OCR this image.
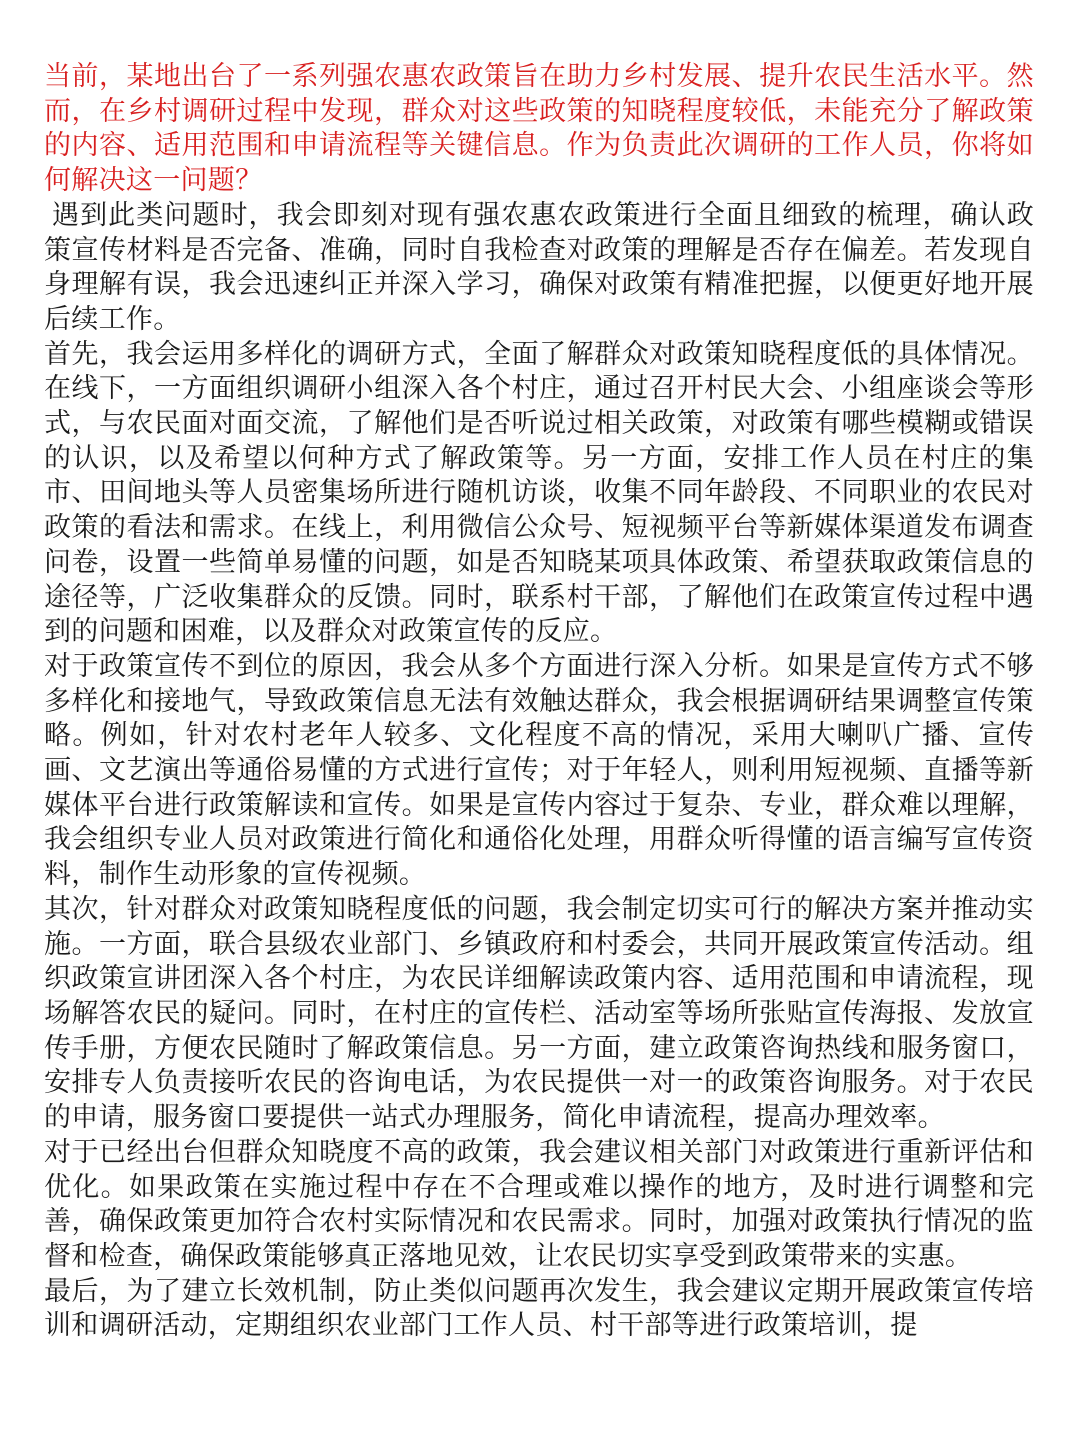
当前，某地出台了一系列强农惠农政策旨在助力乡村发展、提升农民生活水平。然而，在乡村调研过程中发现，群众对这些政策的知晓程度较低，未能充分了解政策的内容、适用范围和申请流程等关键信息。作为负责此次调研的工作人员，你将如何解决这一问题？

遇到此类问题时，我会即刻对现有强农惠农政策进行全面且细致的梳理，确认政策宣传材料是否完备、准确，同时自我检查对政策的理解是否存在偏差。若发现自身理解有误，我会迅速纠正并深入学习，确保对政策有精准把握，以便更好地开展后续工作。

首先，我会运用多样化的调研方式，全面了解群众对政策知晓程度低的具体情况。在线下，一方面组织调研小组深入各个村庄，通过召开村民大会、小组座谈会等形式，与农民面对面交流，了解他们是否听说过相关政策，对政策有哪些模糊或错误的认识，以及希望以何种方式了解政策等。另一方面，安排工作人员在村庄的集市、田间地头等人员密集场所进行随机访谈，收集不同年龄段、不同职业的农民对政策的看法和需求。在线上，利用微信公众号、短视频平台等新媒体渠道发布调查问卷，设置一些简单易懂的问题，如是否知晓某项具体政策、希望获取政策信息的途径等，广泛收集群众的反馈。同时，联系村干部，了解他们在政策宣传过程中遇到的问题和困难，以及群众对政策宣传的反应。

对于政策宣传不到位的原因，我会从多个方面进行深入分析。如果是宣传方式不够多样化和接地气，导致政策信息无法有效触达群众，我会根据调研结果调整宣传策略。例如，针对农村老年人较多、文化程度不高的情况，采用大喇叭广播、宣传画、文艺演出等通俗易懂的方式进行宣传；对于年轻人，则利用短视频、直播等新媒体平台进行政策解读和宣传。如果是宣传内容过于复杂、专业，群众难以理解，我会组织专业人员对政策进行简化和通俗化处理，用群众听得懂的语言编写宣传资料，制作生动形象的宣传视频。

其次，针对群众对政策知晓程度低的问题，我会制定切实可行的解决方案并推动实施。一方面，联合县级农业部门、乡镇政府和村委会，共同开展政策宣传活动。组织政策宣讲团深入各个村庄，为农民详细解读政策内容、适用范围和申请流程，现场解答农民的疑问。同时，在村庄的宣传栏、活动室等场所张贴宣传海报、发放宣传手册，方便农民随时了解政策信息。另一方面，建立政策咨询热线和服务窗口，安排专人负责接听农民的咨询电话，为农民提供一对一的政策咨询服务。对于农民的申请，服务窗口要提供一站式办理服务，简化申请流程，提高办理效率。

对于已经出台但群众知晓度不高的政策，我会建议相关部门对政策进行重新评估和优化。如果政策在实施过程中存在不合理或难以操作的地方，及时进行调整和完善，确保政策更加符合农村实际情况和农民需求。同时，加强对政策执行情况的监督和检查，确保政策能够真正落地见效，让农民切实享受到政策带来的实惠。

最后，为了建立长效机制，防止类似问题再次发生，我会建议定期开展政策宣传培训和调研活动，定期组织农业部门工作人员、村干部等进行政策培训，提
